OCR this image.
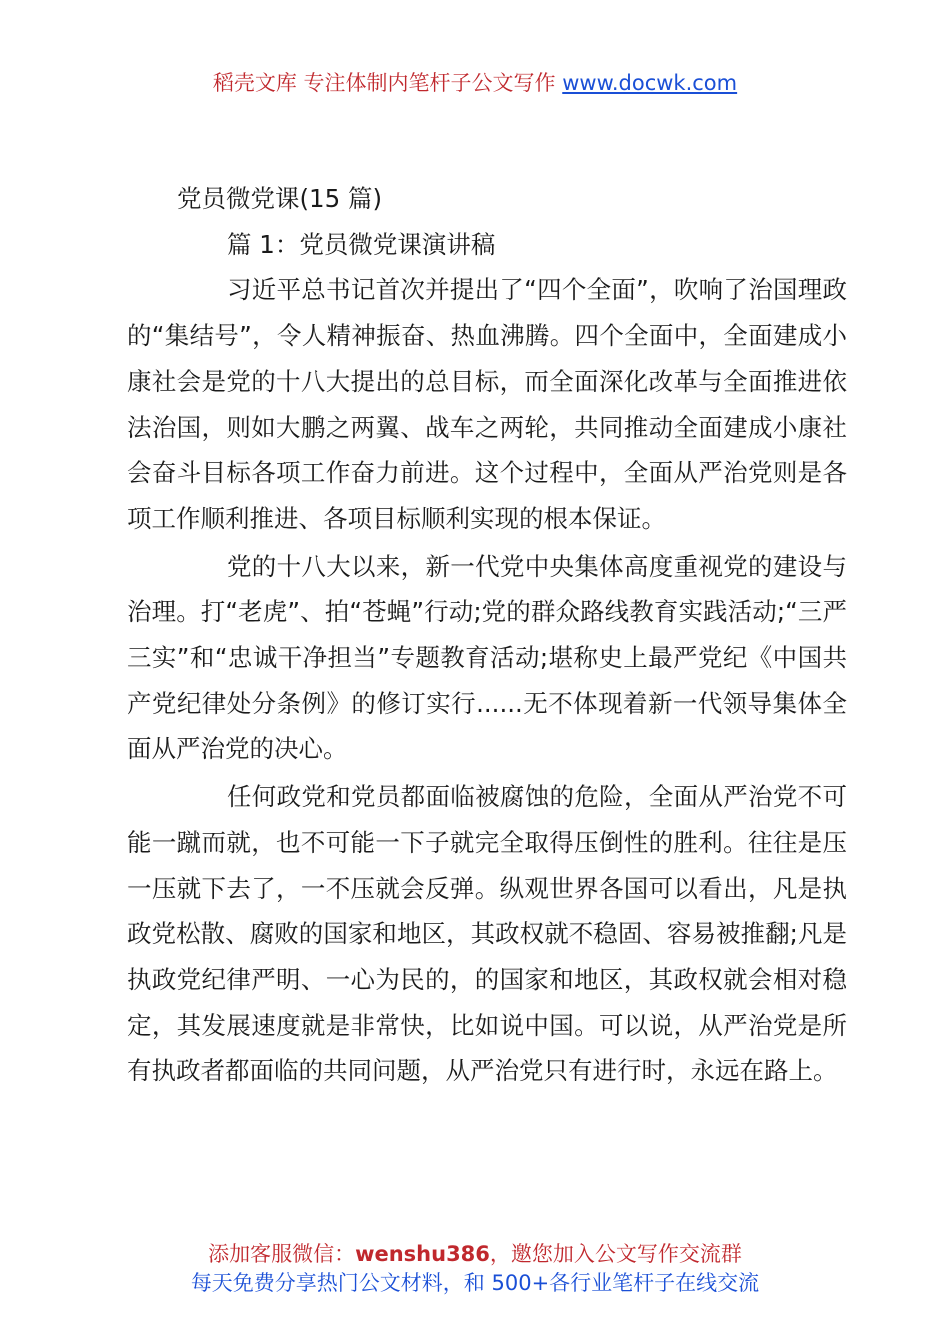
稻壳文库 专注体制内笔杆子公文写作 www.docwk.com

党员微党课(15 篇)

篇 1：党员微党课演讲稿

习近平总书记首次并提出了“四个全面”，吹响了治国理政的“集结号”，令人精神振奋、热血沸腾。四个全面中，全面建成小康社会是党的十八大提出的总目标，而全面深化改革与全面推进依法治国，则如大鹏之两翼、战车之两轮，共同推动全面建成小康社会奋斗目标各项工作奋力前进。这个过程中，全面从严治党则是各项工作顺利推进、各项目标顺利实现的根本保证。

党的十八大以来，新一代党中央集体高度重视党的建设与治理。打“老虎”、拍“苍蝇”行动;党的群众路线教育实践活动;“三严三实”和“忠诚干净担当”专题教育活动;堪称史上最严党纪《中国共产党纪律处分条例》的修订实行......无不体现着新一代领导集体全面从严治党的决心。

任何政党和党员都面临被腐蚀的危险，全面从严治党不可能一蹴而就，也不可能一下子就完全取得压倒性的胜利。往往是压一压就下去了，一不压就会反弹。纵观世界各国可以看出，凡是执政党松散、腐败的国家和地区，其政权就不稳固、容易被推翻;凡是执政党纪律严明、一心为民的，的国家和地区，其政权就会相对稳定，其发展速度就是非常快，比如说中国。可以说，从严治党是所有执政者都面临的共同问题，从严治党只有进行时，永远在路上。

添加客服微信：wenshu386，邀您加入公文写作交流群
每天免费分享热门公文材料，和 500+各行业笔杆子在线交流
